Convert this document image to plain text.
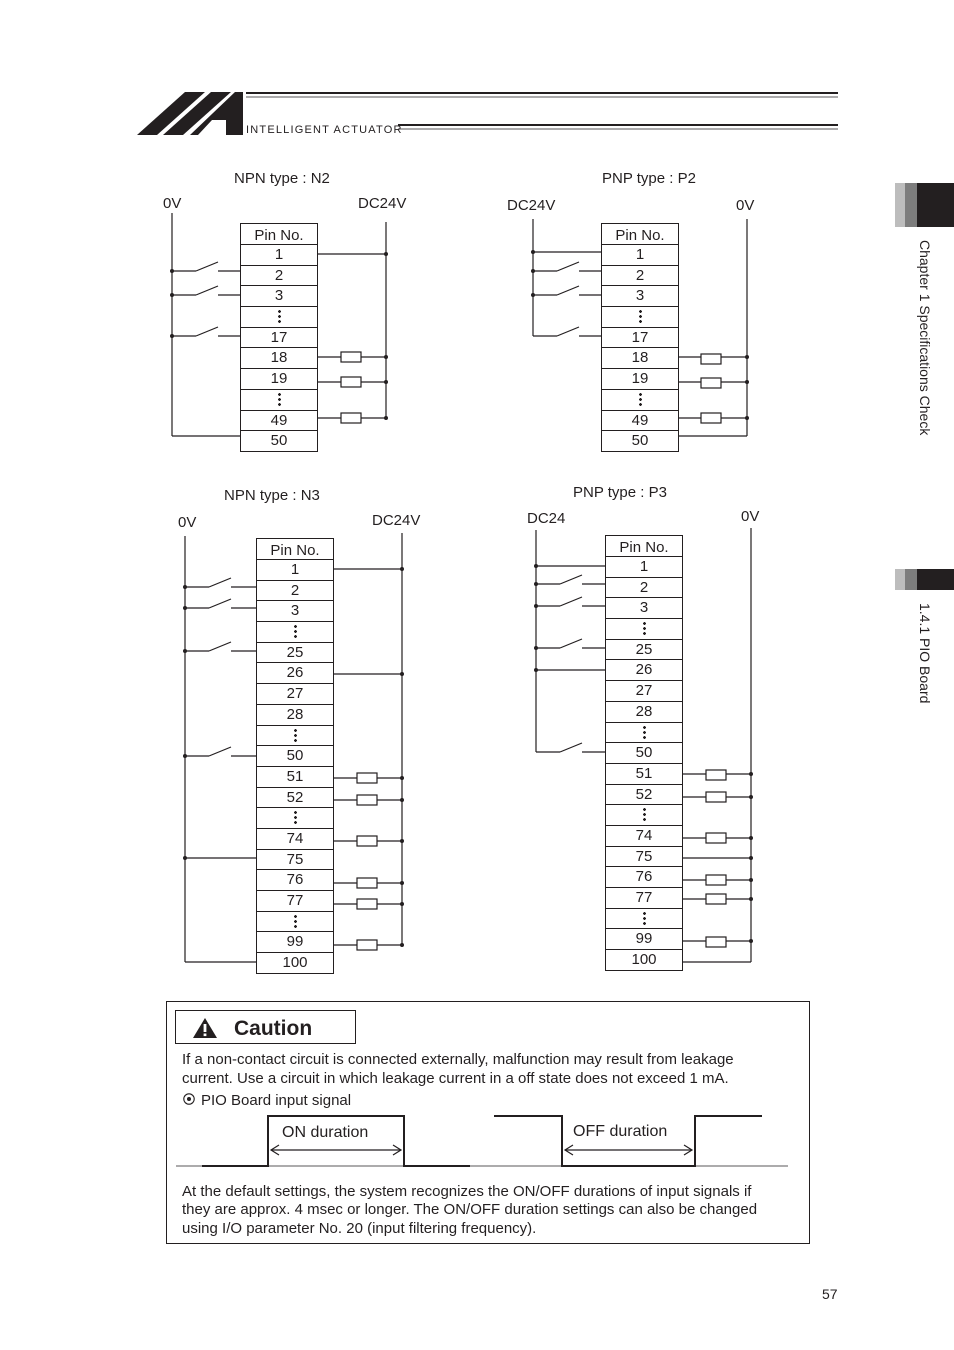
INTELLIGENT ACTUATOR
Chapter 1 Specifications Check
1.4.1 PIO Board
NPN type : N2
0V	DC24V
PNP type : P2
DC24V	0V
NPN type : N3
0V	DC24V
PNP type : P3
DC24	0V
Pin No.
1
2
3
17
18
19
49
50
Pin No.
1
2
3
17
18
19
49
50
Pin No.
1
2
3
25
26
27
28
50
51
52
74
75
76
77
99
100
Pin No.
1
2
3
25
26
27
28
50
51
52
74
75
76
77
99
100
Caution
If a non-contact circuit is connected externally, malfunction may result from leakage
current. Use a circuit in which leakage current in a off state does not exceed 1 mA.
PIO Board input signal
ON duration	OFF duration
At the default settings, the system recognizes the ON/OFF durations of input signals if
they are approx. 4 msec or longer. The ON/OFF duration settings can also be changed
using I/O parameter No. 20 (input filtering frequency).
57
